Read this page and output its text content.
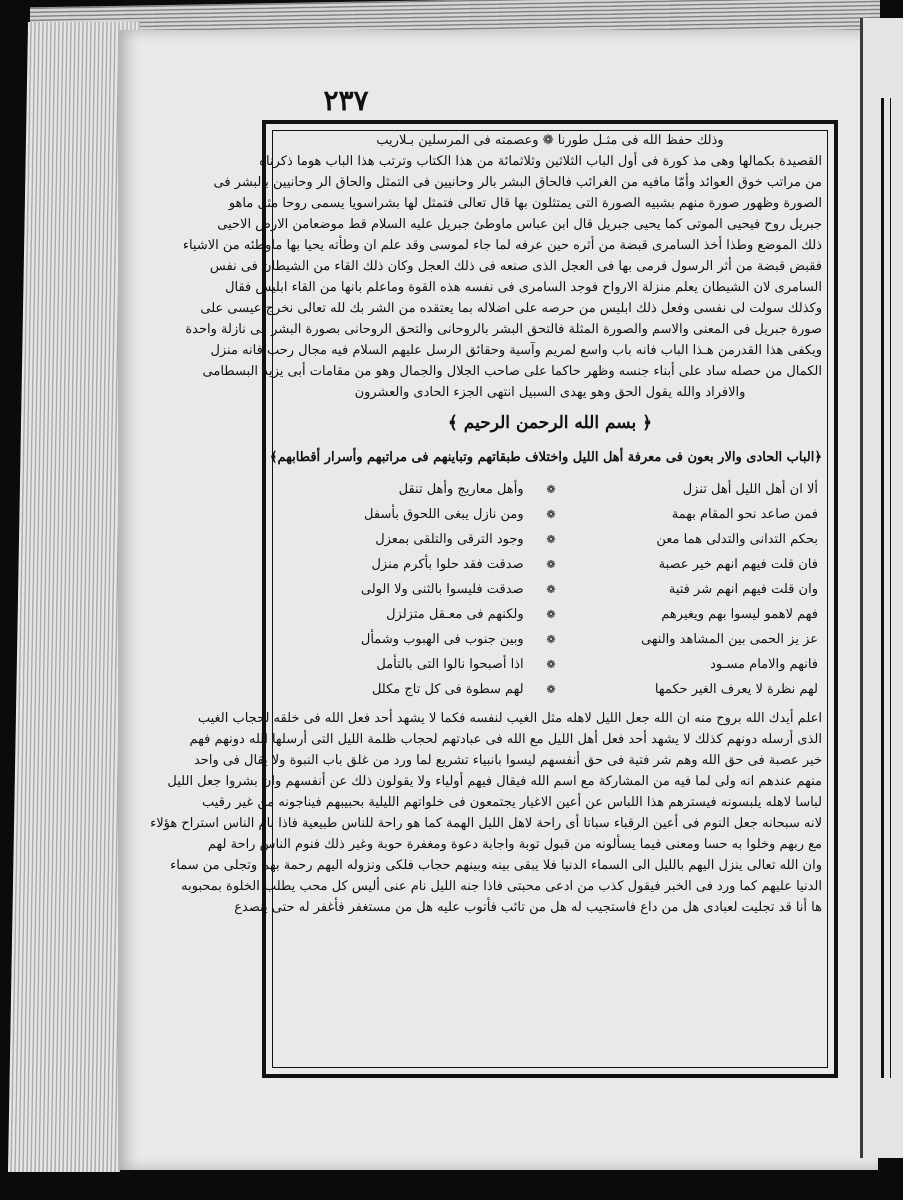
٢٣٧
وذلك حفظ الله فى مثـل طورنا ❁ وعصمته فى المرسلين بـلاريب
القصيدة بكمالها وهى مذ كورة فى أول الباب الثلاثين وثلاثمائة من هذا الكتاب وترتب هذا الباب هوما ذكرناه
من مراتب خوق العوائد وأمّا مافيه من الغرائب فالحاق البشر بالر وحانيين فى التمثل والحاق الر وحانيين بالبشر فى
الصورة وظهور صورة منهم بشبيه الصورة التى يمتثلون بها قال تعالى فتمثل لها بشراسويا يسمى روحا مثل ماهو
جبريل روح فيحيى الموتى كما يحيى جبريل قال ابن عباس ماوطئ جبريل عليه السلام قط موضعامن الارض الاحيى
ذلك الموضع وطذا أخذ السامرى قبضة من أثره حين عرفه لما جاء لموسى وقد علم ان وطأته يحيا بها ماوطئه من الاشياء
فقبض قبضة من أثر الرسول فرمى بها فى العجل الذى صنعه فى ذلك العجل وكان ذلك القاء من الشيطان فى نفس
السامرى لان الشيطان يعلم منزلة الارواح فوجد السامرى فى نفسه هذه القوة وماعلم بانها من القاء ابليس فقال
وكذلك سولت لى نفسى وفعل ذلك ابليس من حرصه على اضلاله بما يعتقده من الشر بك لله تعالى نخرج عيسى على
صورة جبريل فى المعنى والاسم والصورة المثلة فالتحق البشر بالروحانى والتحق الروحانى بصورة البشر فى نازلة واحدة
ويكفى هذا القدرمن هـذا الباب فانه باب واسع لمريم وآسية وحقائق الرسل عليهم السلام فيه مجال رحب فانه منزل
الكمال من حصله ساد على أبناء جنسه وظهر حاكما على صاحب الجلال والجمال وهو من مقامات أبى يزيد البسطامى
والافراد والله يقول الحق وهو يهدى السبيل انتهى الجزء الحادى والعشرون
﴿ بسم الله الرحمن الرحيم ﴾
﴿الباب الحادى والار بعون فى معرفة أهل الليل واختلاف طبقاتهم وتباينهم فى مراتبهم وأسرار أقطابهم﴾
ألا ان أهل الليل أهل تنزل
❁
وأهل معاريج وأهل تنقل
فمن صاعد نحو المقام بهمة
❁
ومن نازل يبغى اللحوق بأسفل
بحكم التدانى والتدلى هما معن
❁
وجود الترقى والتلقى بمعزل
فان قلت فيهم انهم خير عصبة
❁
صدقت فقد حلوا بأكرم منزل
وان قلت فيهم انهم شر فتية
❁
صدقت فليسوا بالثنى ولا الولى
فهم لاهمو ليسوا بهم ويغيرهم
❁
ولكنهم فى معـقل متزلزل
عز يز الحمى بين المشاهد والنهى
❁
وبين جنوب فى الهبوب وشمأل
فانهم والامام مسـود
❁
اذا أصبحوا نالوا التى بالتأمل
لهم نظرة لا يعرف الغير حكمها
❁
لهم سطوة فى كل تاج مكلل
اعلم أيدك الله بروح منه ان الله جعل الليل لاهله مثل الغيب لنفسه فكما لا يشهد أحد فعل الله فى خلقه لحجاب الغيب
الذى أرسله دونهم كذلك لا يشهد أحد فعل أهل الليل مع الله فى عبادتهم لحجاب ظلمة الليل التى أرسلها الله دونهم فهم
خير عصبة فى حق الله وهم شر فتية فى حق أنفسهم ليسوا بانبياء تشريع لما ورد من غلق باب النبوة ولا يقال فى واحد
منهم عندهم انه ولى لما فيه من المشاركة مع اسم الله فيقال فيهم أولياء ولا يقولون ذلك عن أنفسهم وان بشروا جعل الليل
لباسا لاهله يلبسونه فيسترهم هذا اللباس عن أعين الاغيار يجتمعون فى خلواتهم الليلية بحبيبهم فيناجونه من غير رقيب
لانه سبحانه جعل النوم فى أعين الرقباء سباتا أى راحة لاهل الليل الهمة كما هو راحة للناس طبيعية فاذا نام الناس استراح هؤلاء
مع ربهم وخلوا به حسا ومعنى فيما يسألونه من قبول توبة واجابة دعوة ومغفرة حوبة وغير ذلك فنوم الناس راحة لهم
وان الله تعالى ينزل اليهم بالليل الى السماء الدنيا فلا يبقى بينه وبينهم حجاب فلكى ونزوله اليهم رحمة بهم وتجلى من سماء
الدنيا عليهم كما ورد فى الخبر فيقول كذب من ادعى محبتى فاذا جنه الليل نام عنى أليس كل محب يطلب الخلوة بمحبوبه
ها أنا قد تجليت لعبادى هل من داع فاستجيب له هل من تائب فأتوب عليه هل من مستغفر فأغفر له حتى ينصدع
